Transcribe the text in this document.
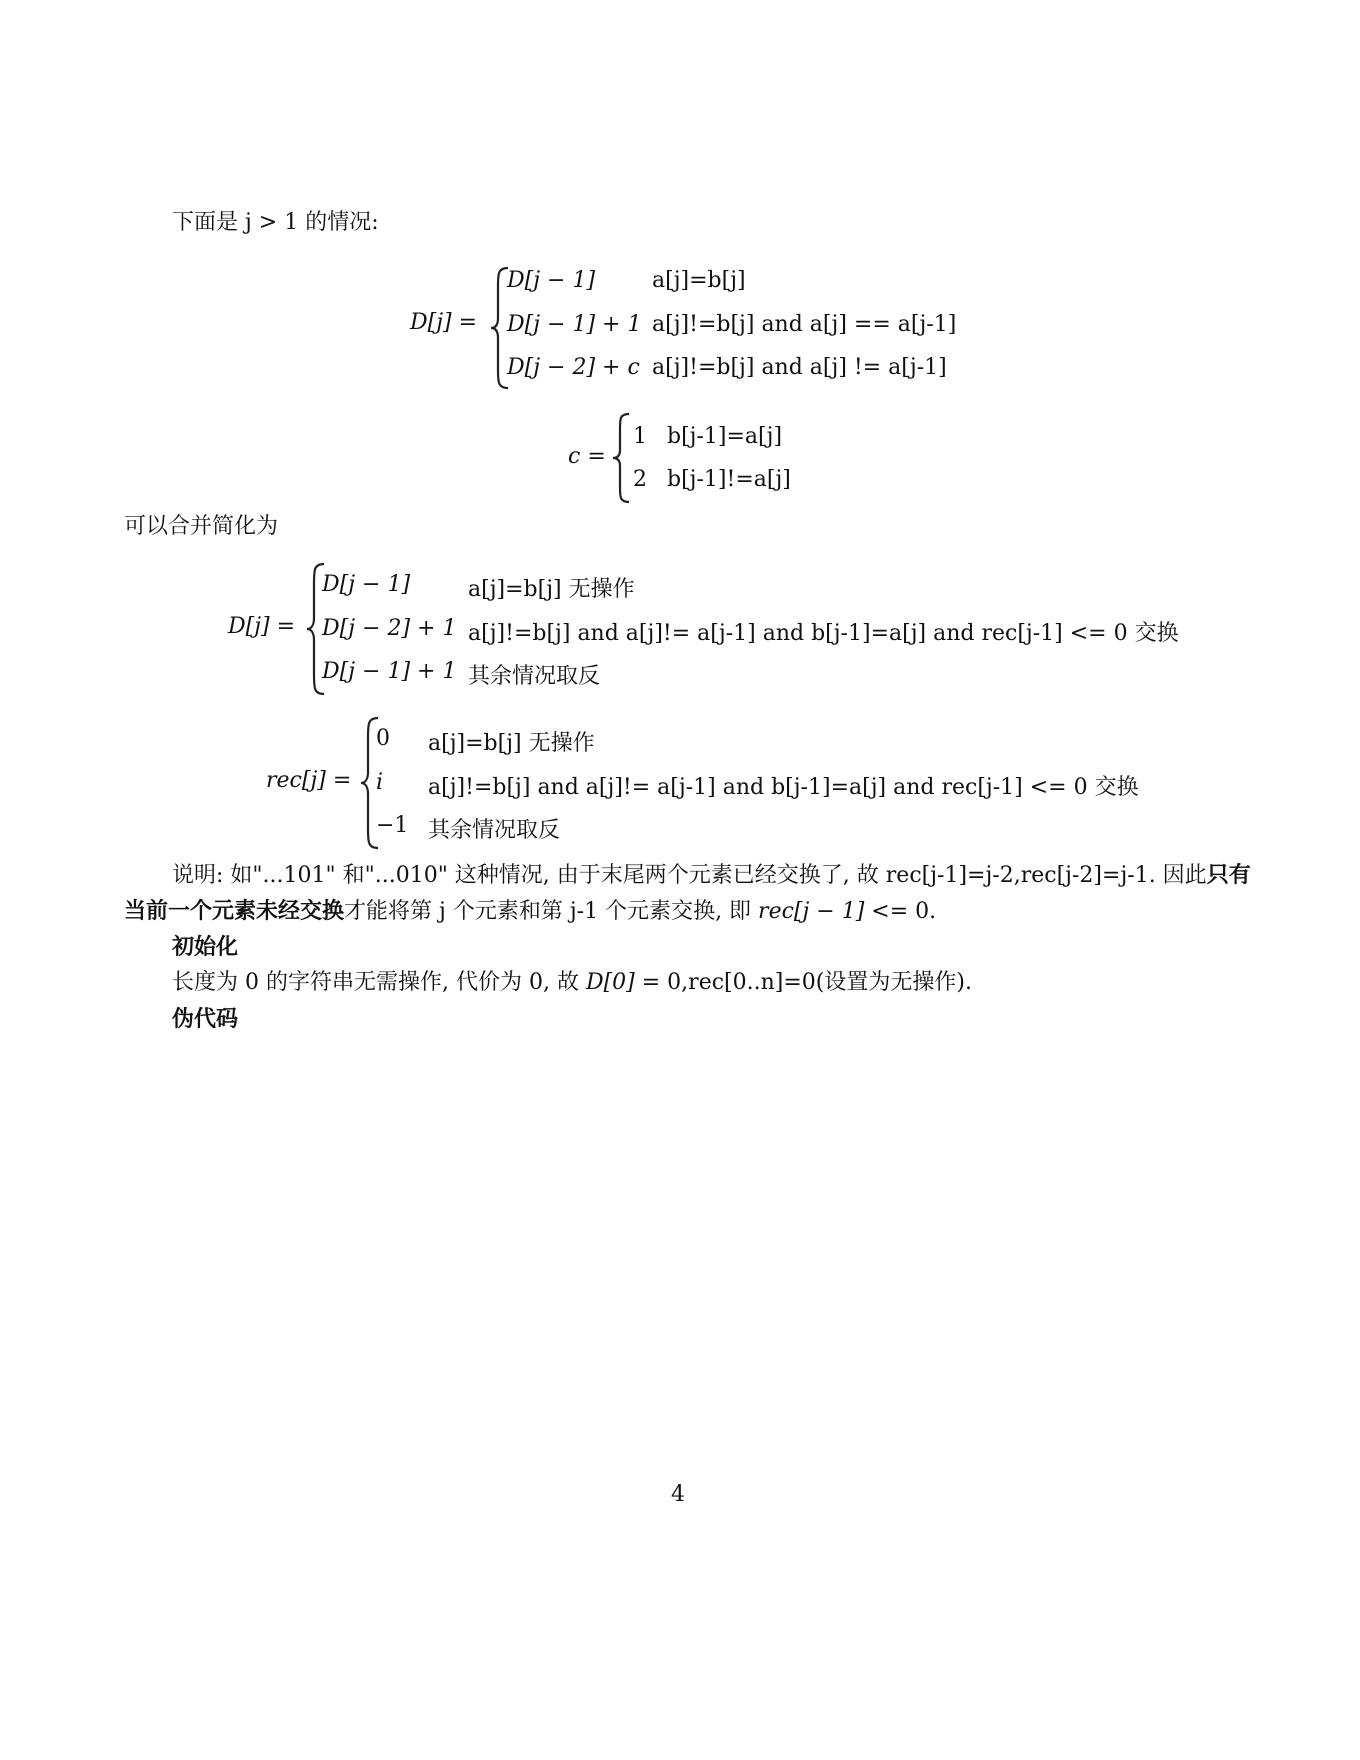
下面是 j > 1 的情况:
D[j] =
D[j − 1]	a[j]=b[j]
D[j − 1] + 1 a[j]!=b[j] and a[j] == a[j-1]
D[j − 2] + c a[j]!=b[j] and a[j] != a[j-1]
c =
1 b[j-1]=a[j]
2 b[j-1]!=a[j]
可以合并简化为
D[j] =
D[j − 1]	a[j]=b[j] 无操作
D[j − 2] + 1 a[j]!=b[j] and a[j]!= a[j-1] and b[j-1]=a[j] and rec[j-1] <= 0 交换
D[j − 1] + 1 其余情况取反
rec[j] =
0 a[j]=b[j] 无操作
i a[j]!=b[j] and a[j]!= a[j-1] and b[j-1]=a[j] and rec[j-1] <= 0 交换
−1 其余情况取反
说明: 如"...101" 和"...010" 这种情况, 由于末尾两个元素已经交换了, 故 rec[j-1]=j-2,rec[j-2]=j-1. 因此只有
当前一个元素未经交换才能将第 j 个元素和第 j-1 个元素交换, 即 rec[j − 1] <= 0.
初始化
长度为 0 的字符串无需操作, 代价为 0, 故 D[0] = 0,rec[0..n]=0(设置为无操作).
伪代码
4
